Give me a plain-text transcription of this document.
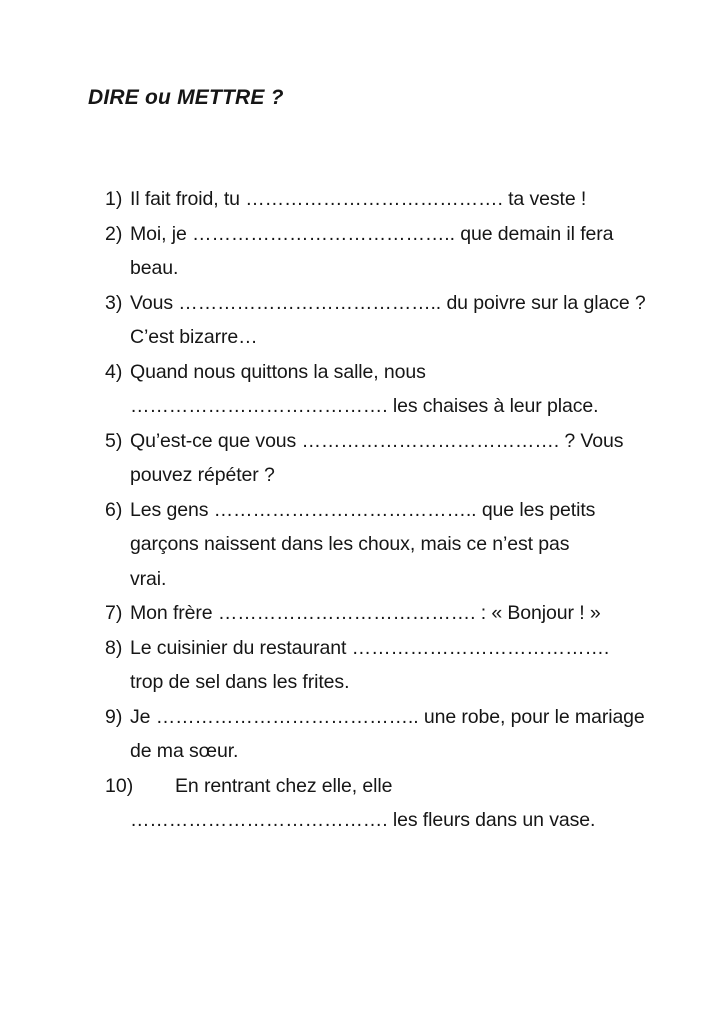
DIRE ou METTRE ?
1) Il fait froid, tu …………………………………. ta veste !
2) Moi, je ………………………………….. que demain il fera
beau.
3) Vous ………………………………….. du poivre sur la glace ?
C’est bizarre…
4) Quand nous quittons la salle, nous
…………………………………. les chaises à leur place.
5) Qu’est-ce que vous …………………………………. ? Vous
pouvez répéter ?
6) Les gens ………………………………….. que les petits
garçons naissent dans les choux, mais ce n’est pas
vrai.
7) Mon frère …………………………………. : « Bonjour ! »
8) Le cuisinier du restaurant ………………………………….
trop de sel dans les frites.
9) Je ………………………………….. une robe, pour le mariage
de ma sœur.
10)	En rentrant chez elle, elle
…………………………………. les fleurs dans un vase.
